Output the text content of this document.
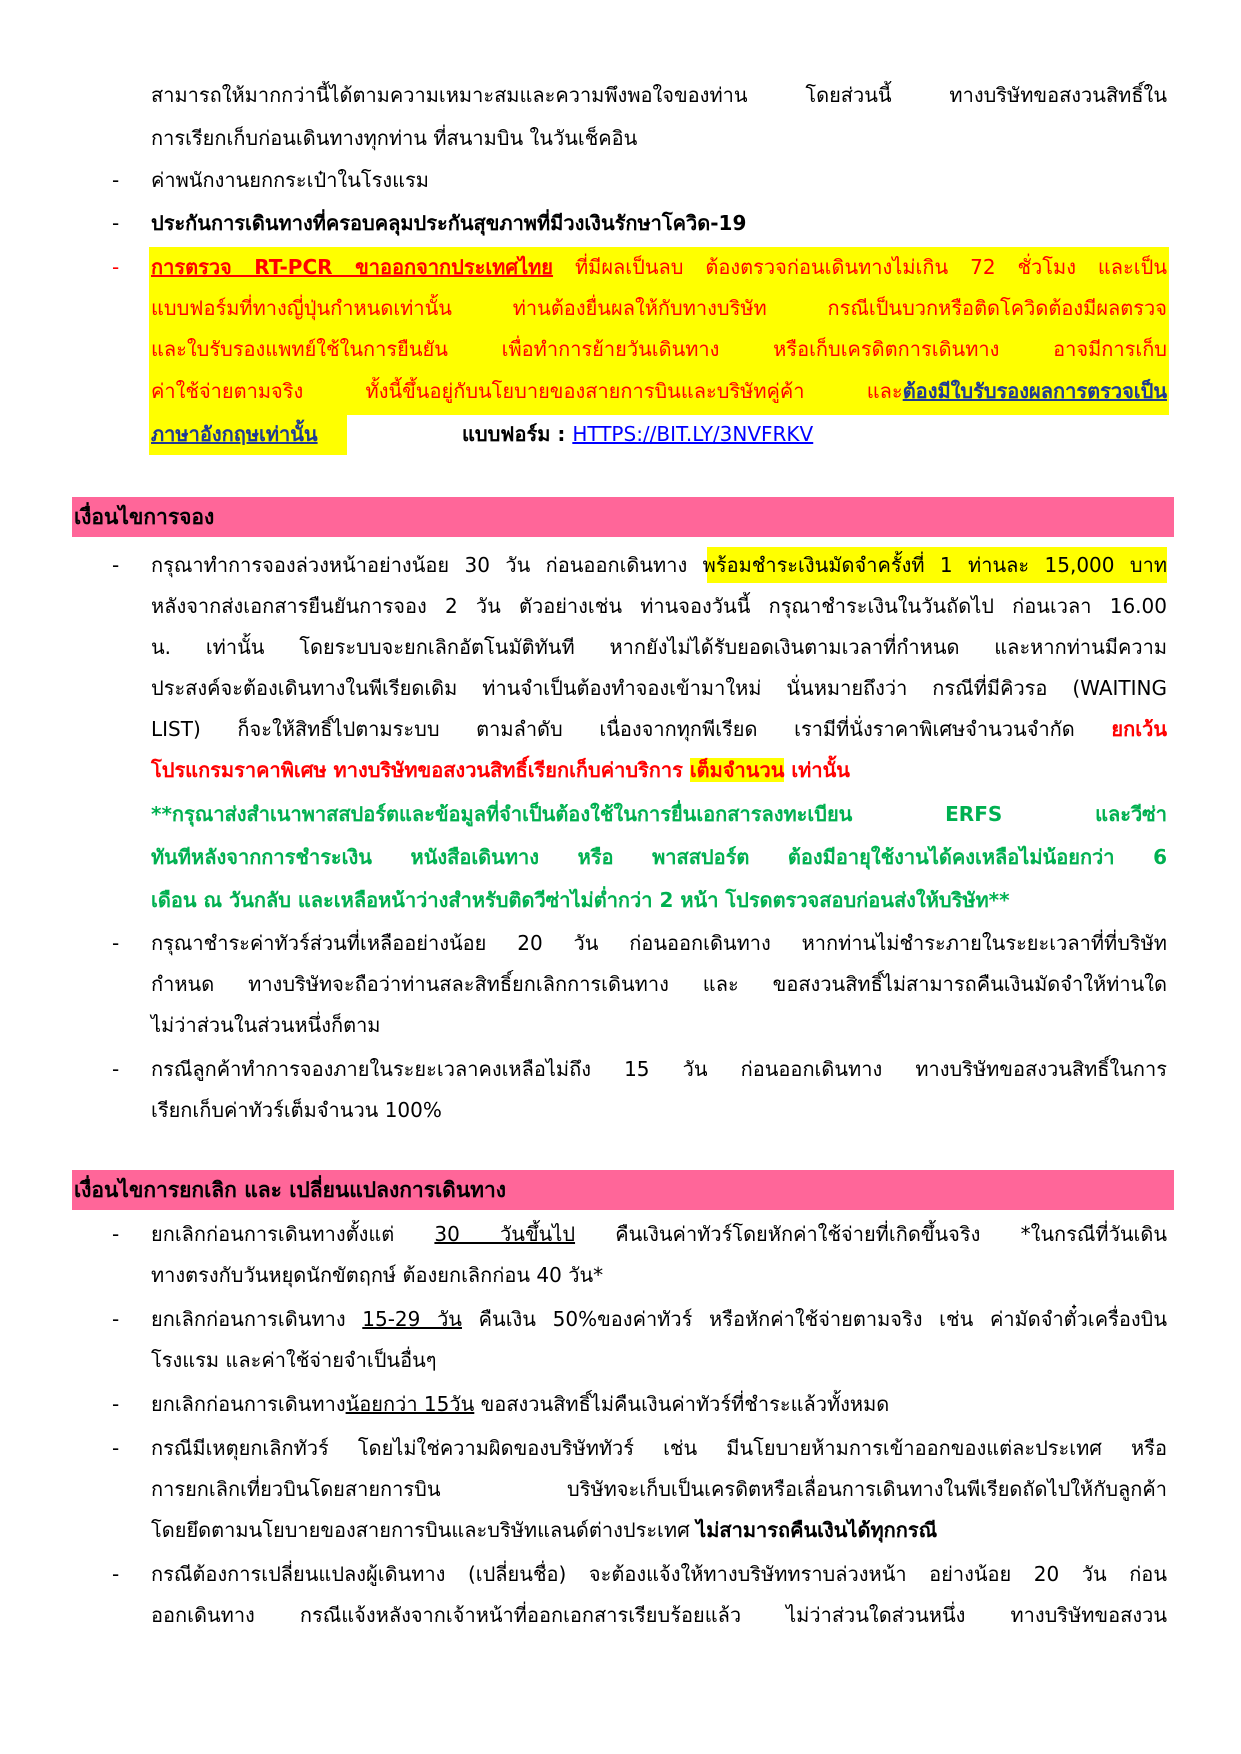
สามารถให้มากกว่านี้ได้ตามความเหมาะสมและความพึงพอใจของท่าน โดยส่วนนี้ ทางบริษัทขอสงวนสิทธิ์ใน
การเรียกเก็บก่อนเดินทางทุกท่าน ที่สนามบิน ในวันเช็คอิน
- ค่าพนักงานยกกระเป๋าในโรงแรม
- ประกันการเดินทางที่ครอบคลุมประกันสุขภาพที่มีวงเงินรักษาโควิด-19
- การตรวจ RT-PCR ขาออกจากประเทศไทย ที่มีผลเป็นลบ ต้องตรวจก่อนเดินทางไม่เกิน 72 ชั่วโมง และเป็น
แบบฟอร์มที่ทางญี่ปุ่นกำหนดเท่านั้น ท่านต้องยื่นผลให้กับทางบริษัท กรณีเป็นบวกหรือติดโควิดต้องมีผลตรวจ
และใบรับรองแพทย์ใช้ในการยืนยัน เพื่อทำการย้ายวันเดินทาง หรือเก็บเครดิตการเดินทาง อาจมีการเก็บ
ค่าใช้จ่ายตามจริง ทั้งนี้ขึ้นอยู่กับนโยบายของสายการบินและบริษัทคู่ค้า และต้องมีใบรับรองผลการตรวจเป็น
ภาษาอังกฤษเท่านั้น	แบบฟอร์ม : HTTPS://BIT.LY/3NVFRKV
เงื่อนไขการจอง
- กรุณาทำการจองล่วงหน้าอย่างน้อย 30 วัน ก่อนออกเดินทาง พร้อมชำระเงินมัดจำครั้งที่ 1 ท่านละ 15,000 บาท
หลังจากส่งเอกสารยืนยันการจอง 2 วัน ตัวอย่างเช่น ท่านจองวันนี้ กรุณาชำระเงินในวันถัดไป ก่อนเวลา 16.00
น. เท่านั้น โดยระบบจะยกเลิกอัตโนมัติทันที หากยังไม่ได้รับยอดเงินตามเวลาที่กำหนด และหากท่านมีความ
ประสงค์จะต้องเดินทางในพีเรียดเดิม ท่านจำเป็นต้องทำจองเข้ามาใหม่ นั่นหมายถึงว่า กรณีที่มีคิวรอ (WAITING
LIST) ก็จะให้สิทธิ์ไปตามระบบ ตามลำดับ เนื่องจากทุกพีเรียด เรามีที่นั่งราคาพิเศษจำนวนจำกัด ยกเว้น
โปรแกรมราคาพิเศษ ทางบริษัทขอสงวนสิทธิ์เรียกเก็บค่าบริการ เต็มจำนวน เท่านั้น
**กรุณาส่งสำเนาพาสสปอร์ตและข้อมูลที่จำเป็นต้องใช้ในการยื่นเอกสารลงทะเบียน ERFS และวีซ่า
ทันทีหลังจากการชำระเงิน หนังสือเดินทาง หรือ พาสสปอร์ต ต้องมีอายุใช้งานได้คงเหลือไม่น้อยกว่า 6
เดือน ณ วันกลับ และเหลือหน้าว่างสำหรับติดวีซ่าไม่ต่ำกว่า 2 หน้า โปรดตรวจสอบก่อนส่งให้บริษัท**
- กรุณาชำระค่าทัวร์ส่วนที่เหลืออย่างน้อย 20 วัน ก่อนออกเดินทาง หากท่านไม่ชำระภายในระยะเวลาที่ที่บริษัท
กำหนด ทางบริษัทจะถือว่าท่านสละสิทธิ์ยกเลิกการเดินทาง และ ขอสงวนสิทธิ์ไม่สามารถคืนเงินมัดจำให้ท่านใด
ไม่ว่าส่วนในส่วนหนึ่งก็ตาม
- กรณีลูกค้าทำการจองภายในระยะเวลาคงเหลือไม่ถึง 15 วัน ก่อนออกเดินทาง ทางบริษัทขอสงวนสิทธิ์ในการ
เรียกเก็บค่าทัวร์เต็มจำนวน 100%
เงื่อนไขการยกเลิก และ เปลี่ยนแปลงการเดินทาง
- ยกเลิกก่อนการเดินทางตั้งแต่ 30 วันขึ้นไป คืนเงินค่าทัวร์โดยหักค่าใช้จ่ายที่เกิดขึ้นจริง *ในกรณีที่วันเดิน
ทางตรงกับวันหยุดนักขัตฤกษ์ ต้องยกเลิกก่อน 40 วัน*
- ยกเลิกก่อนการเดินทาง 15-29 วัน คืนเงิน 50%ของค่าทัวร์ หรือหักค่าใช้จ่ายตามจริง เช่น ค่ามัดจำตั๋วเครื่องบิน
โรงแรม และค่าใช้จ่ายจำเป็นอื่นๆ
- ยกเลิกก่อนการเดินทางน้อยกว่า 15วัน ขอสงวนสิทธิ์ไม่คืนเงินค่าทัวร์ที่ชำระแล้วทั้งหมด
- กรณีมีเหตุยกเลิกทัวร์ โดยไม่ใช่ความผิดของบริษัททัวร์ เช่น มีนโยบายห้ามการเข้าออกของแต่ละประเทศ หรือ
การยกเลิกเที่ยวบินโดยสายการบิน บริษัทจะเก็บเป็นเครดิตหรือเลื่อนการเดินทางในพีเรียดถัดไปให้กับลูกค้า
โดยยึดตามนโยบายของสายการบินและบริษัทแลนด์ต่างประเทศ ไม่สามารถคืนเงินได้ทุกกรณี
- กรณีต้องการเปลี่ยนแปลงผู้เดินทาง (เปลี่ยนชื่อ) จะต้องแจ้งให้ทางบริษัททราบล่วงหน้า อย่างน้อย 20 วัน ก่อน
ออกเดินทาง กรณีแจ้งหลังจากเจ้าหน้าที่ออกเอกสารเรียบร้อยแล้ว ไม่ว่าส่วนใดส่วนหนึ่ง ทางบริษัทขอสงวน
